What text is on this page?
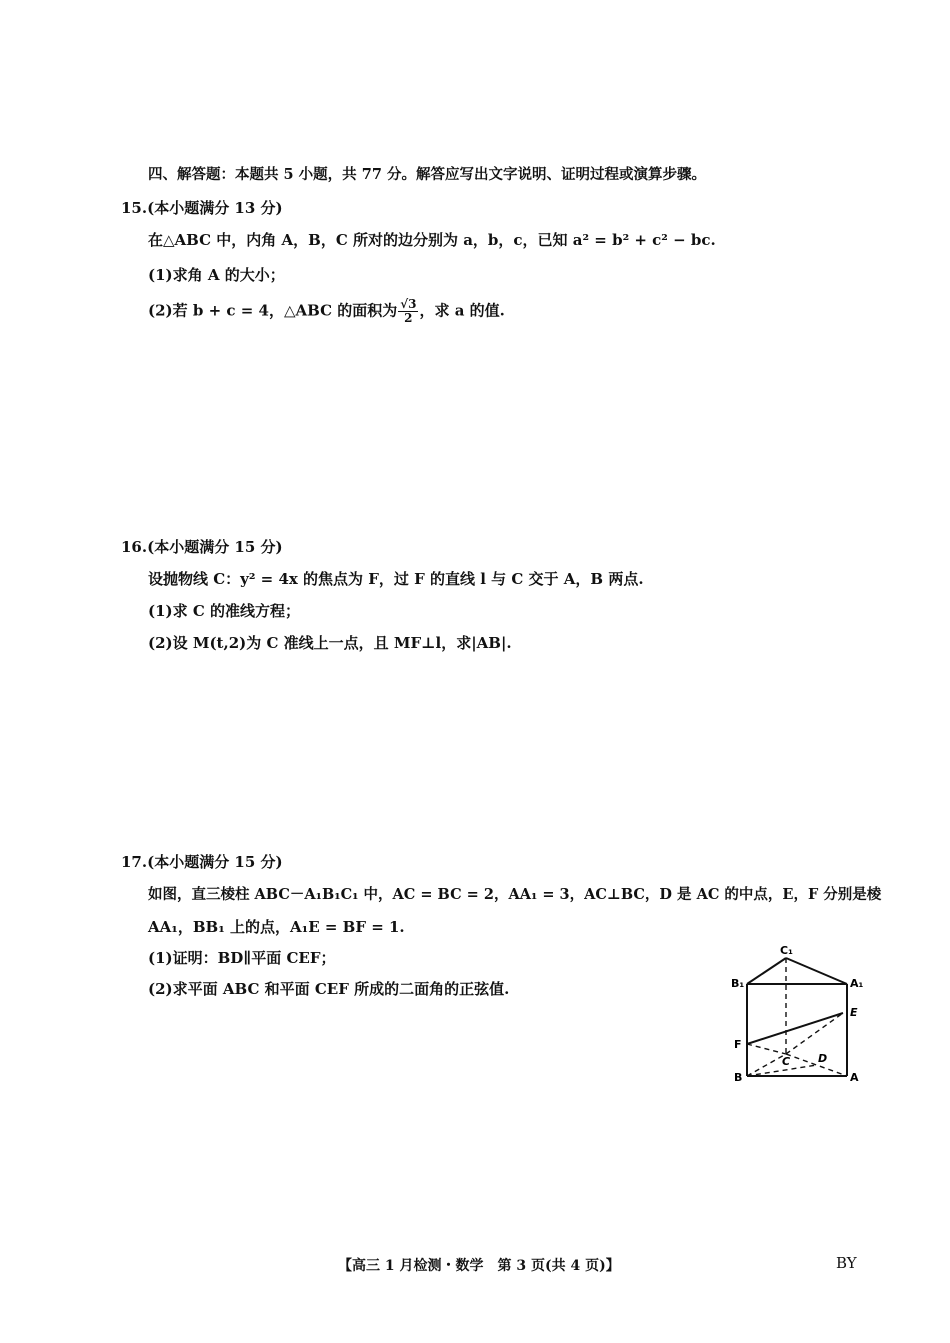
四、解答题：本题共 5 小题，共 77 分。解答应写出文字说明、证明过程或演算步骤。
15.(本小题满分 13 分)
在△ABC 中，内角 A，B，C 所对的边分别为 a，b，c，已知 a² = b² + c² − bc.
(1)求角 A 的大小；
(2)若 b + c = 4，△ABC 的面积为 $\frac{√3}{2}$ ，求 a 的值.
16.(本小题满分 15 分)
设抛物线 C：y² = 4x 的焦点为 F，过 F 的直线 l 与 C 交于 A，B 两点.
(1)求 C 的准线方程；
(2)设 M(t,2)为 C 准线上一点，且 MF⊥l，求|AB|.
17.(本小题满分 15 分)
如图，直三棱柱 ABC－A₁B₁C₁ 中，AC = BC = 2，AA₁ = 3，AC⊥BC，D 是 AC 的中点，E，F 分别是棱
AA₁，BB₁ 上的点，A₁E = BF = 1.
(1)证明：BD∥平面 CEF；
(2)求平面 ABC 和平面 CEF 所成的二面角的正弦值.
C₁
B₁	A₁
E
F
C	D
B	A
【高三 1 月检测・数学　第 3 页(共 4 页)】	BY
